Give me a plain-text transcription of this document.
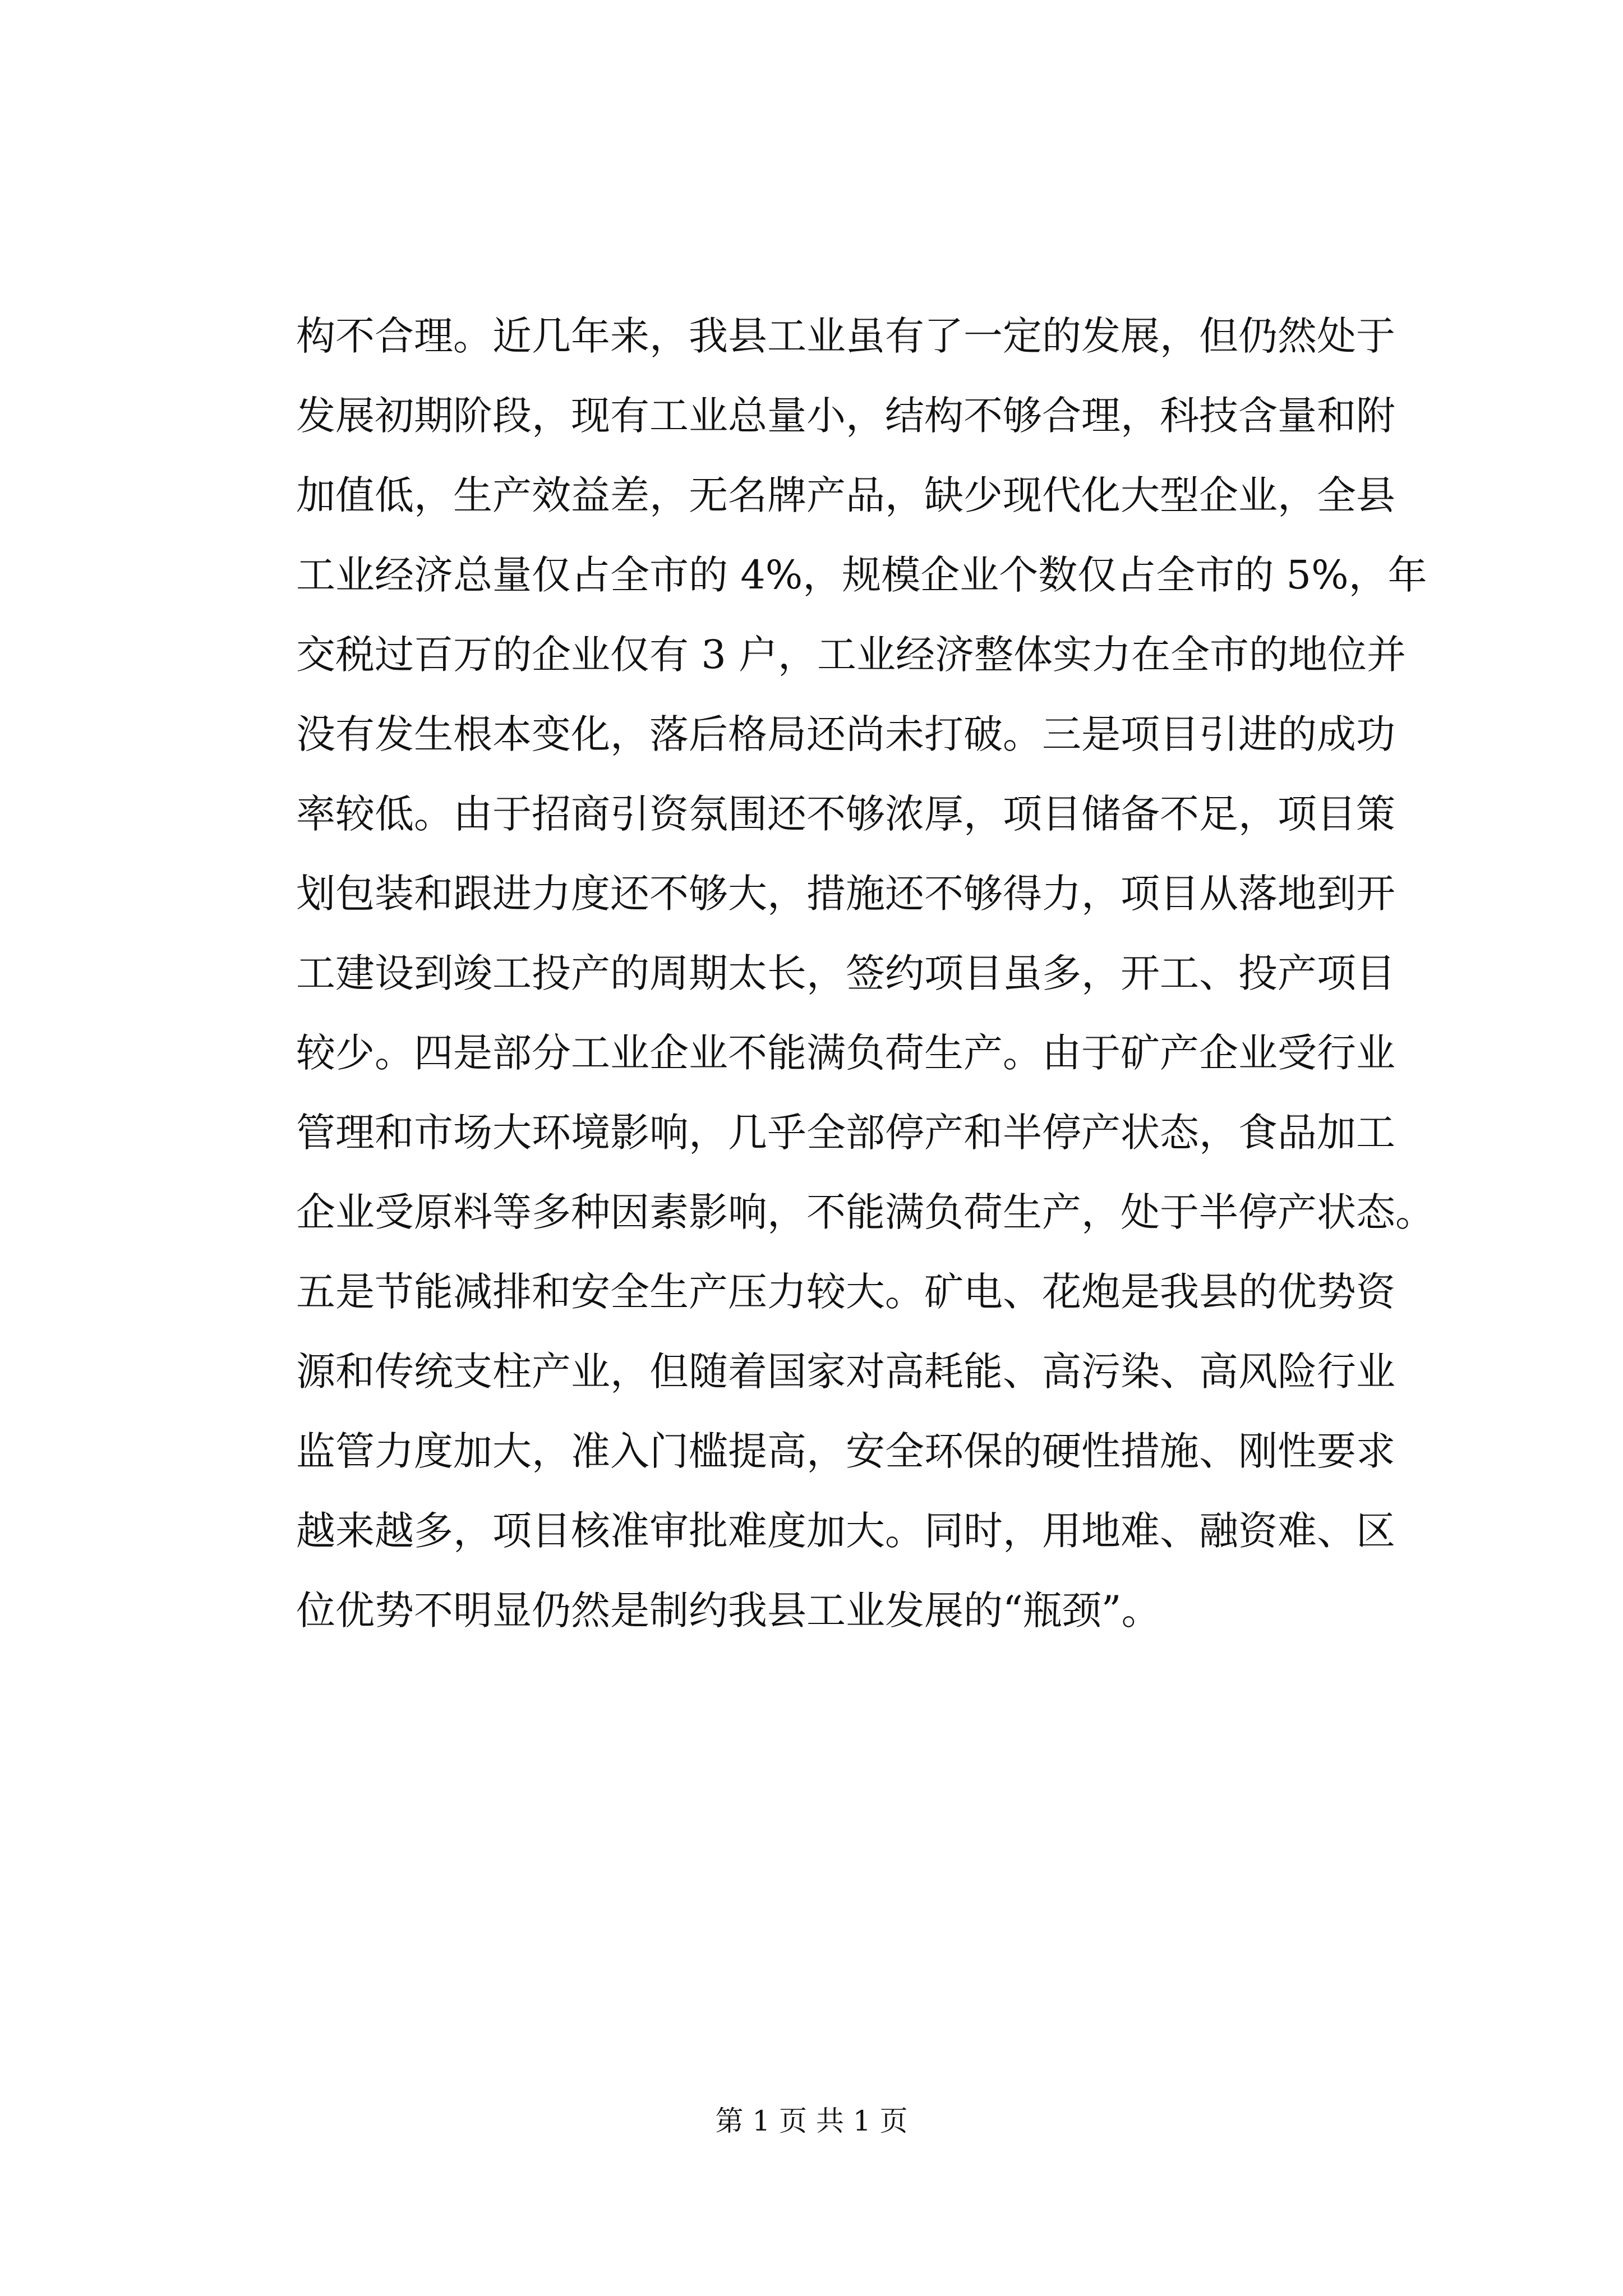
构不合理。近几年来，我县工业虽有了一定的发展，但仍然处于
发展初期阶段，现有工业总量小，结构不够合理，科技含量和附
加值低，生产效益差，无名牌产品，缺少现代化大型企业，全县
工业经济总量仅占全市的 4%，规模企业个数仅占全市的 5%，年
交税过百万的企业仅有 3 户，工业经济整体实力在全市的地位并
没有发生根本变化，落后格局还尚未打破。三是项目引进的成功
率较低。由于招商引资氛围还不够浓厚，项目储备不足，项目策
划包装和跟进力度还不够大，措施还不够得力，项目从落地到开
工建设到竣工投产的周期太长，签约项目虽多，开工、投产项目
较少。四是部分工业企业不能满负荷生产。由于矿产企业受行业
管理和市场大环境影响，几乎全部停产和半停产状态，食品加工
企业受原料等多种因素影响，不能满负荷生产，处于半停产状态。
五是节能减排和安全生产压力较大。矿电、花炮是我县的优势资
源和传统支柱产业，但随着国家对高耗能、高污染、高风险行业
监管力度加大，准入门槛提高，安全环保的硬性措施、刚性要求
越来越多，项目核准审批难度加大。同时，用地难、融资难、区
位优势不明显仍然是制约我县工业发展的“瓶颈”。
第 1 页 共 1 页
